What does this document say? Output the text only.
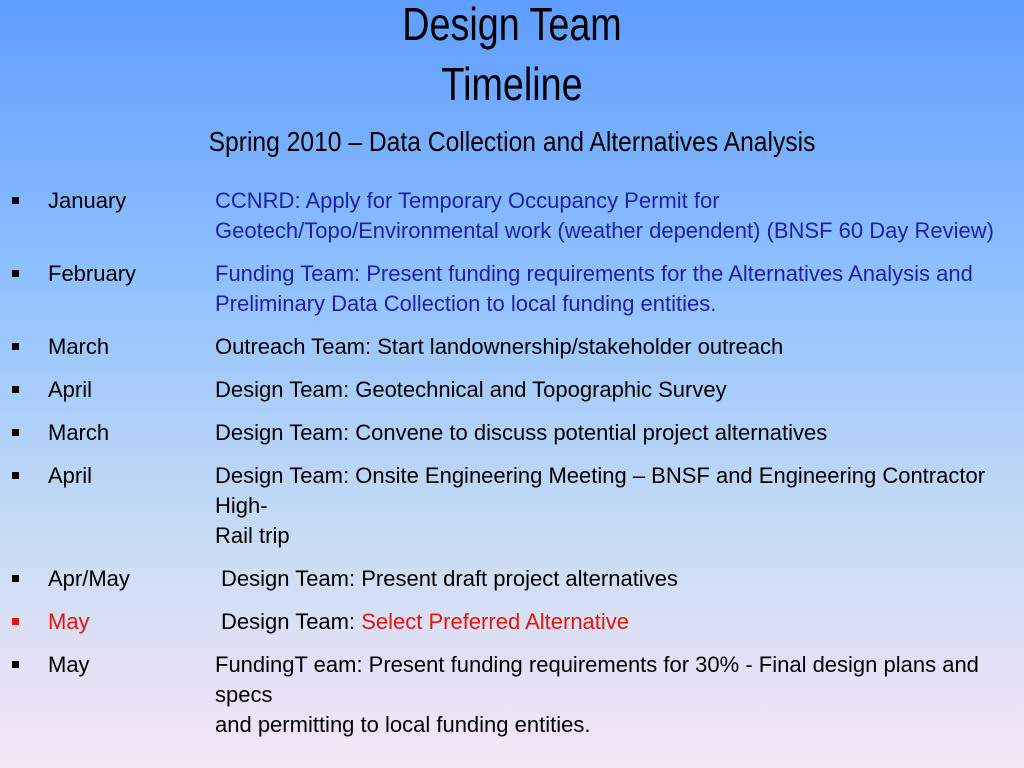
Design Team
Timeline
Spring 2010 – Data Collection and Alternatives Analysis
January	CCNRD: Apply for Temporary Occupancy Permit for
Geotech/Topo/Environmental work (weather dependent) (BNSF 60 Day Review)
February	Funding Team: Present funding requirements for the Alternatives Analysis and
Preliminary Data Collection to local funding entities.
March	Outreach Team: Start landownership/stakeholder outreach
April	Design Team: Geotechnical and Topographic Survey
March	Design Team: Convene to discuss potential project alternatives
April	Design Team: Onsite Engineering Meeting – BNSF and Engineering Contractor High-
Rail trip
Apr/May	Design Team: Present draft project alternatives
May	Design Team: Select Preferred Alternative
May	FundingT eam: Present funding requirements for 30% - Final design plans and specs
and permitting to local funding entities.
